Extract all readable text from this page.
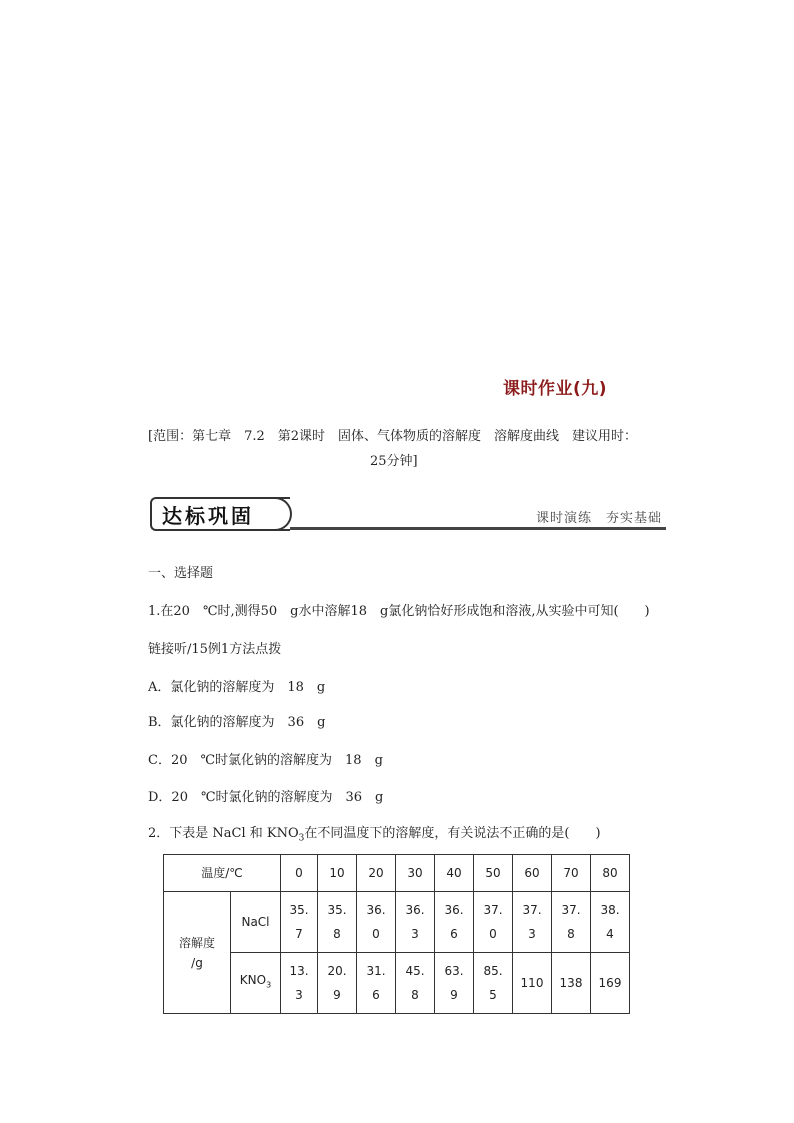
课时作业(九)
[范围：第七章　7.2　第2课时　固体、气体物质的溶解度　溶解度曲线　建议用时：
25分钟]
达标巩固	课时演练　夯实基础
一、选择题
1.在20　℃时,测得50　g水中溶解18　g氯化钠恰好形成饱和溶液,从实验中可知(　　)
链接听/15例1方法点拨
A．氯化钠的溶解度为　18　g
B．氯化钠的溶解度为　36　g
C．20　℃时氯化钠的溶解度为　18　g
D．20　℃时氯化钠的溶解度为　36　g
2．下表是 NaCl 和 $KNO_3$在不同温度下的溶解度，有关说法不正确的是(　　)
温度/℃		0	10	20	30	40	50	60	70	80

溶解度
/g	NaCl	35.7	35.8	36.0	36.3	36.6	37.0	37.3	37.8	38.4
	$KNO_3$	13.3	20.9	31.6	45.8	63.9	85.5	110	138	169
